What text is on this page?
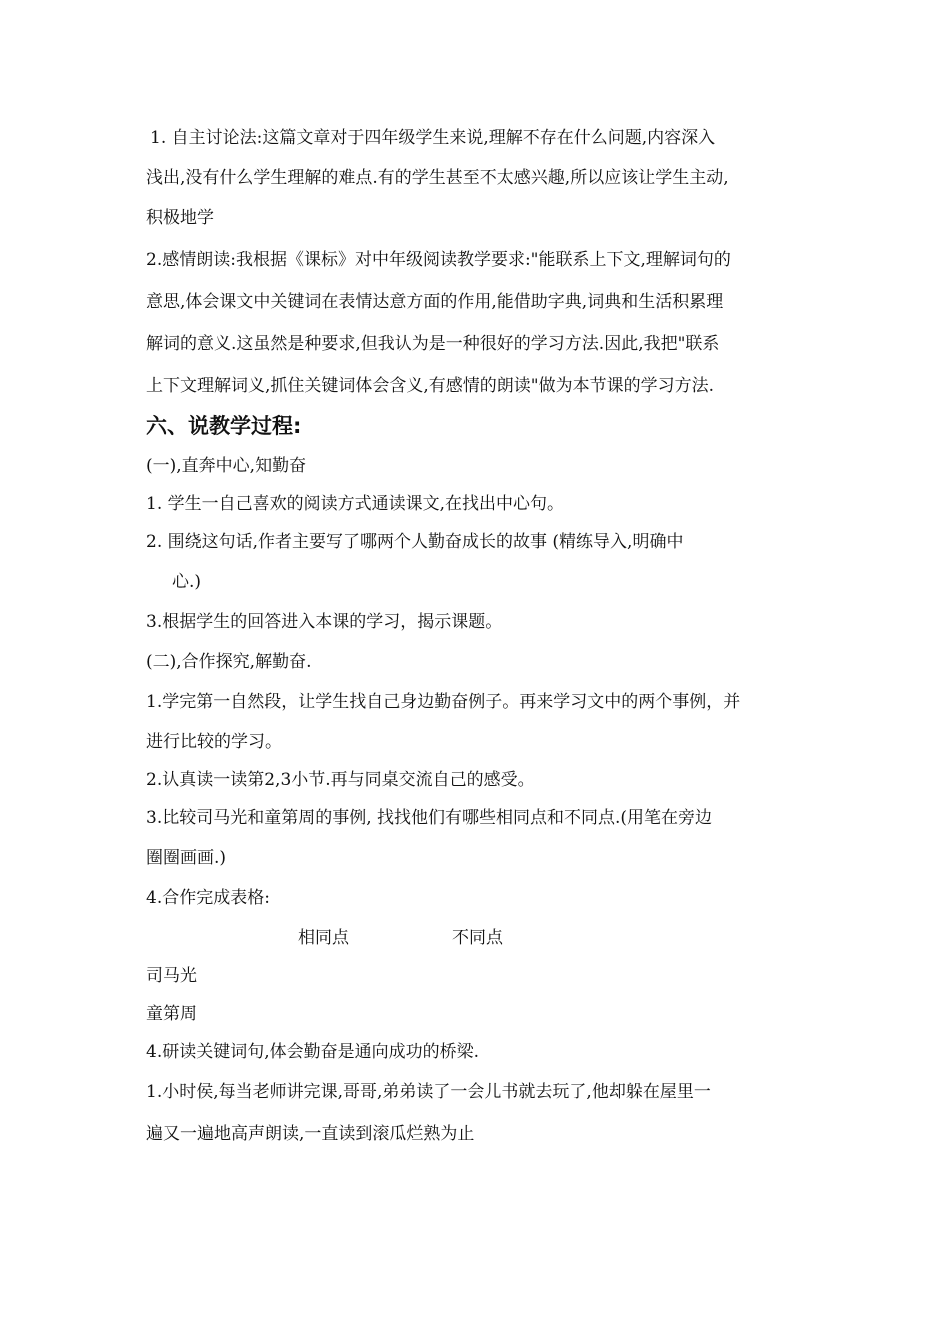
1. 自主讨论法:这篇文章对于四年级学生来说,理解不存在什么问题,内容深入
浅出,没有什么学生理解的难点.有的学生甚至不太感兴趣,所以应该让学生主动,
积极地学
2.感情朗读:我根据《课标》对中年级阅读教学要求:"能联系上下文,理解词句的
意思,体会课文中关键词在表情达意方面的作用,能借助字典,词典和生活积累理
解词的意义.这虽然是种要求,但我认为是一种很好的学习方法.因此,我把"联系
上下文理解词义,抓住关键词体会含义,有感情的朗读"做为本节课的学习方法.
六、说教学过程:
(一),直奔中心,知勤奋
1. 学生一自己喜欢的阅读方式通读课文,在找出中心句。
2. 围绕这句话,作者主要写了哪两个人勤奋成长的故事 (精练导入,明确中
心.)
3.根据学生的回答进入本课的学习，揭示课题。
(二),合作探究,解勤奋.
1.学完第一自然段，让学生找自己身边勤奋例子。再来学习文中的两个事例，并
进行比较的学习。
2.认真读一读第2,3小节.再与同桌交流自己的感受。
3.比较司马光和童第周的事例, 找找他们有哪些相同点和不同点.(用笔在旁边
圈圈画画.)
4.合作完成表格:
相同点	不同点
司马光
童第周
4.研读关键词句,体会勤奋是通向成功的桥梁.
1.小时侯,每当老师讲完课,哥哥,弟弟读了一会儿书就去玩了,他却躲在屋里一
遍又一遍地高声朗读,一直读到滚瓜烂熟为止
